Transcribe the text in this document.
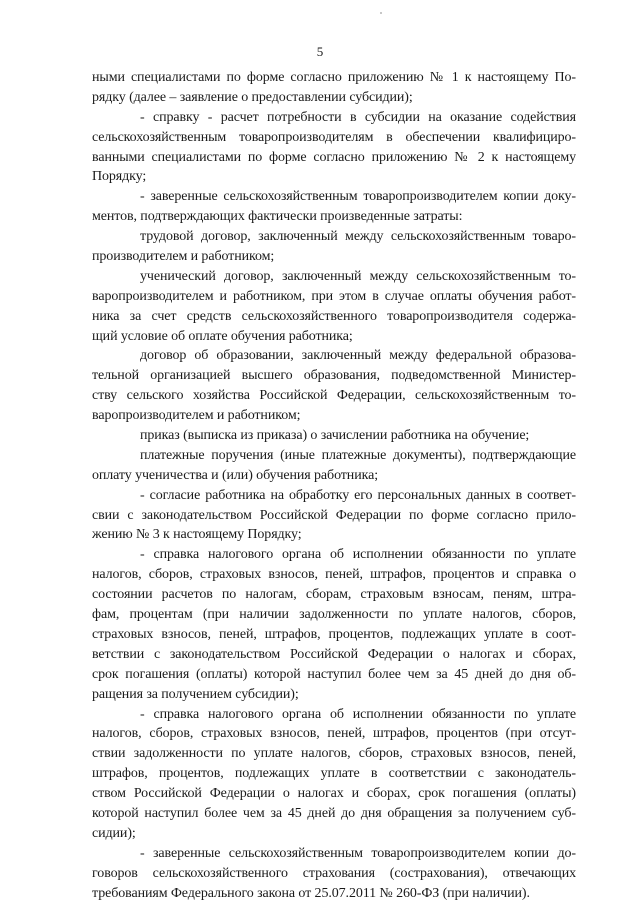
5
ными специалистами по форме согласно приложению № 1 к настоящему По-
рядку (далее – заявление о предоставлении субсидии);
- справку - расчет потребности в субсидии на оказание содействия
сельскохозяйственным товаропроизводителям в обеспечении квалифициро-
ванными специалистами по форме согласно приложению № 2 к настоящему
Порядку;
- заверенные сельскохозяйственным товаропроизводителем копии доку-
ментов, подтверждающих фактически произведенные затраты:
трудовой договор, заключенный между сельскохозяйственным товаро-
производителем и работником;
ученический договор, заключенный между сельскохозяйственным то-
варопроизводителем и работником, при этом в случае оплаты обучения работ-
ника за счет средств сельскохозяйственного товаропроизводителя содержа-
щий условие об оплате обучения работника;
договор об образовании, заключенный между федеральной образова-
тельной организацией высшего образования, подведомственной Министер-
ству сельского хозяйства Российской Федерации, сельскохозяйственным то-
варопроизводителем и работником;
приказ (выписка из приказа) о зачислении работника на обучение;
платежные поручения (иные платежные документы), подтверждающие
оплату ученичества и (или) обучения работника;
- согласие работника на обработку его персональных данных в соответ-
свии с законодательством Российской Федерации по форме согласно прило-
жению № 3 к настоящему Порядку;
- справка налогового органа об исполнении обязанности по уплате
налогов, сборов, страховых взносов, пеней, штрафов, процентов и справка о
состоянии расчетов по налогам, сборам, страховым взносам, пеням, штра-
фам, процентам (при наличии задолженности по уплате налогов, сборов,
страховых взносов, пеней, штрафов, процентов, подлежащих уплате в соот-
ветствии с законодательством Российской Федерации о налогах и сборах,
срок погашения (оплаты) которой наступил более чем за 45 дней до дня об-
ращения за получением субсидии);
- справка налогового органа об исполнении обязанности по уплате
налогов, сборов, страховых взносов, пеней, штрафов, процентов (при отсут-
ствии задолженности по уплате налогов, сборов, страховых взносов, пеней,
штрафов, процентов, подлежащих уплате в соответствии с законодатель-
ством Российской Федерации о налогах и сборах, срок погашения (оплаты)
которой наступил более чем за 45 дней до дня обращения за получением суб-
сидии);
- заверенные сельскохозяйственным товаропроизводителем копии до-
говоров сельскохозяйственного страхования (сострахования), отвечающих
требованиям Федерального закона от 25.07.2011 № 260-ФЗ (при наличии).
